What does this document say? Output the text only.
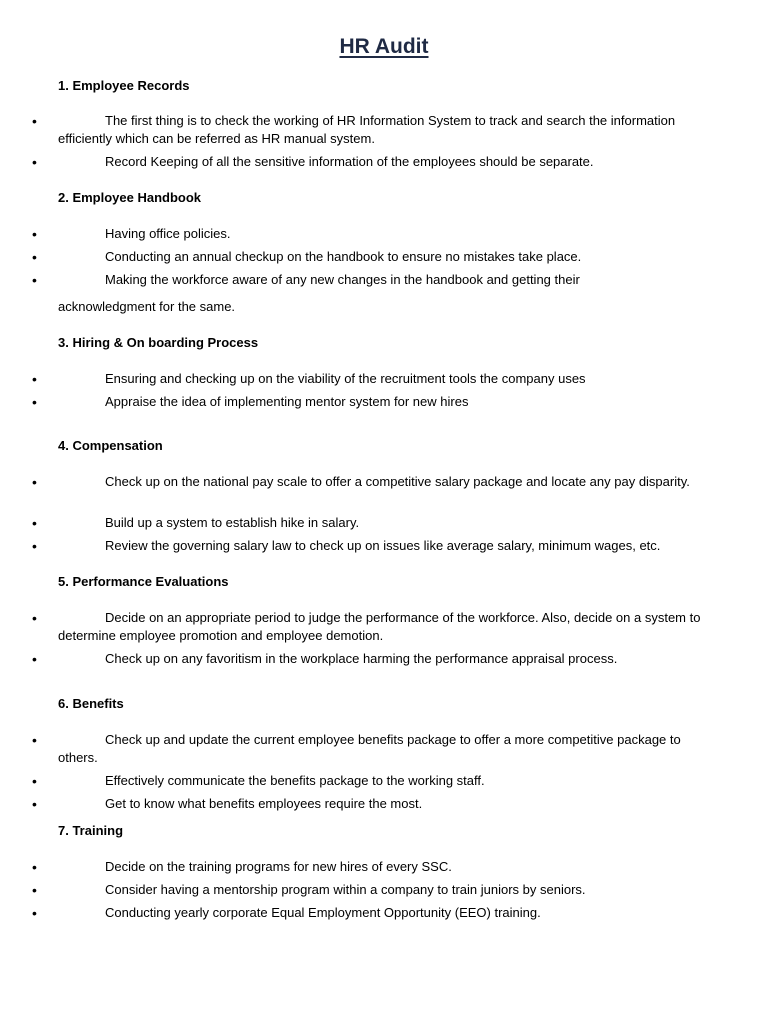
HR Audit
1. Employee Records
•	The first thing is to check the working of HR Information System to track and search the information efficiently which can be referred as HR manual system.
•	Record Keeping of all the sensitive information of the employees should be separate.
2. Employee Handbook
•	Having office policies.
•	Conducting an annual checkup on the handbook to ensure no mistakes take place.
•	Making the workforce aware of any new changes in the handbook and getting their
acknowledgment for the same.
3. Hiring & On boarding Process
•	Ensuring and checking up on the viability of the recruitment tools the company uses
•	Appraise the idea of implementing mentor system for new hires
4. Compensation
•	Check up on the national pay scale to offer a competitive salary package and locate any pay disparity.
•	Build up a system to establish hike in salary.
•	Review the governing salary law to check up on issues like average salary, minimum wages, etc.
5. Performance Evaluations
•	Decide on an appropriate period to judge the performance of the workforce. Also, decide on a system to determine employee promotion and employee demotion.
•	Check up on any favoritism in the workplace harming the performance appraisal process.
6. Benefits
•	Check up and update the current employee benefits package to offer a more competitive package to others.
•	Effectively communicate the benefits package to the working staff.
•	Get to know what benefits employees require the most.
7. Training
•	Decide on the training programs for new hires of every SSC.
•	Consider having a mentorship program within a company to train juniors by seniors.
•	Conducting yearly corporate Equal Employment Opportunity (EEO) training.
